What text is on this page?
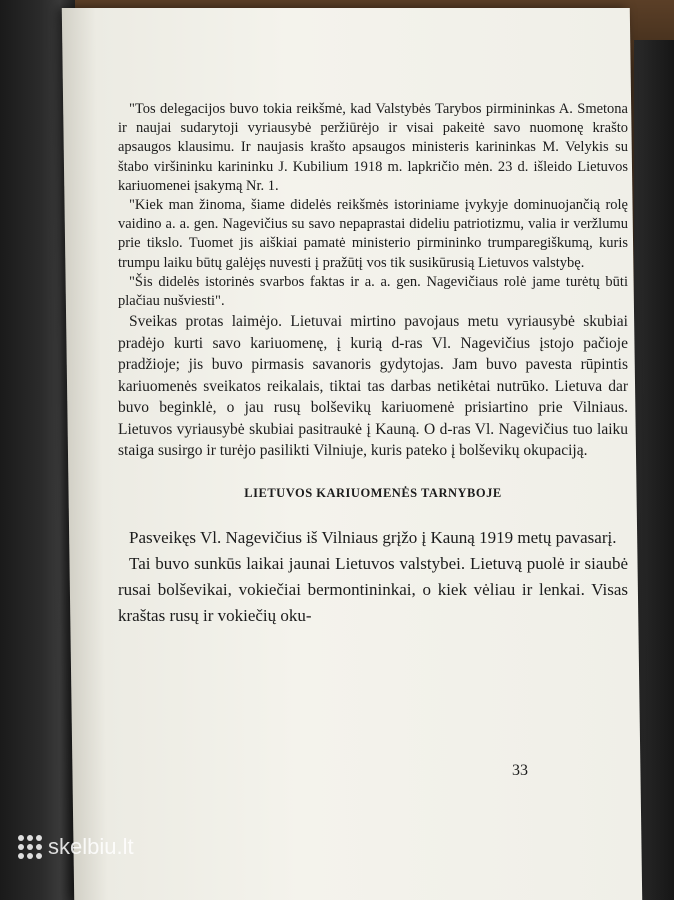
"Tos delegacijos buvo tokia reikšmė, kad Valstybės Tarybos pirmininkas A. Smetona ir naujai sudarytoji vyriausybė peržiūrėjo ir visai pakeitė savo nuomonę krašto apsaugos klausimu. Ir naujasis krašto apsaugos ministeris karininkas M. Velykis su štabo viršininku karininku J. Kubilium 1918 m. lapkričio mėn. 23 d. išleido Lietuvos kariuomenei įsakymą Nr. 1.

"Kiek man žinoma, šiame didelės reikšmės istoriniame įvykyje dominuojančią rolę vaidino a. a. gen. Nagevičius su savo nepaprastai dideliu patriotizmu, valia ir veržlumu prie tikslo. Tuomet jis aiškiai pamatė ministerio pirmininko trumparegiškumą, kuris trumpu laiku būtų galėjęs nuvesti į pražūtį vos tik susikūrusią Lietuvos valstybę.

"Šis didelės istorinės svarbos faktas ir a. a. gen. Nagevičiaus rolė jame turėtų būti plačiau nušviesti".

Sveikas protas laimėjo. Lietuvai mirtino pavojaus metu vyriausybė skubiai pradėjo kurti savo kariuomenę, į kurią d-ras Vl. Nagevičius įstojo pačioje pradžioje; jis buvo pirmasis savanoris gydytojas. Jam buvo pavesta rūpintis kariuomenės sveikatos reikalais, tiktai tas darbas netikėtai nutrūko. Lietuva dar buvo beginklė, o jau rusų bolševikų kariuomenė prisiartino prie Vilniaus. Lietuvos vyriausybė skubiai pasitraukė į Kauną. O d-ras Vl. Nagevičius tuo laiku staiga susirgo ir turėjo pasilikti Vilniuje, kuris pateko į bolševikų okupaciją.

LIETUVOS KARIUOMENĖS TARNYBOJE

Pasveikęs Vl. Nagevičius iš Vilniaus grįžo į Kauną 1919 metų pavasarį.

Tai buvo sunkūs laikai jaunai Lietuvos valstybei. Lietuvą puolė ir siaubė rusai bolševikai, vokiečiai bermontininkai, o kiek vėliau ir lenkai. Visas kraštas rusų ir vokiečių oku-

33
skelbiu.lt
